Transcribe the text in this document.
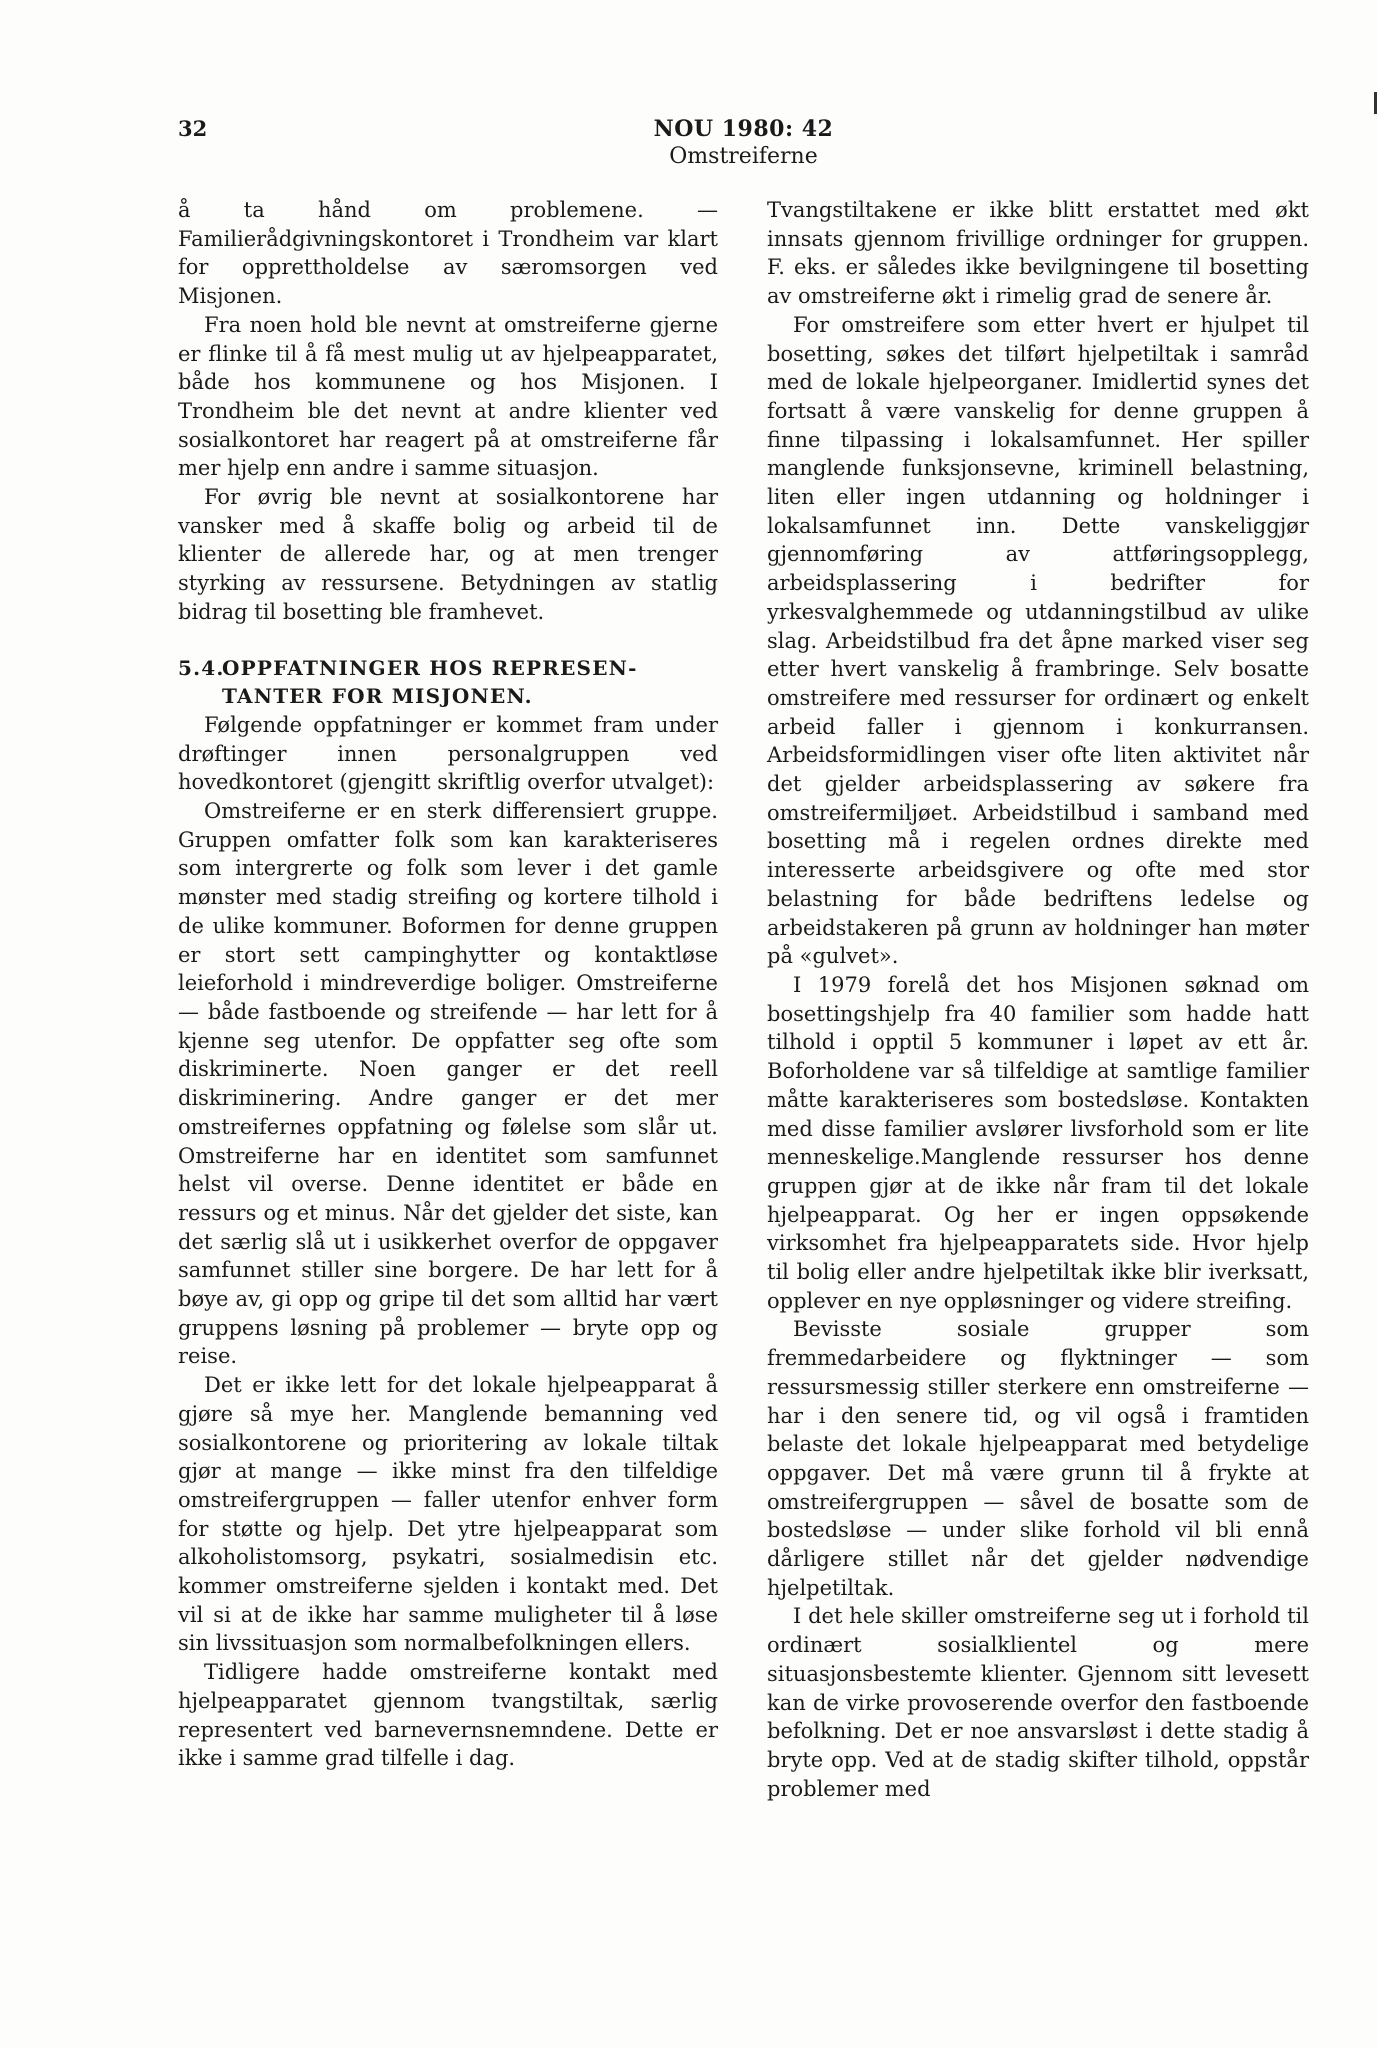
32	NOU 1980: 42
Omstreiferne

å ta hånd om problemene. — Familierådgivningskontoret i Trondheim var klart for opprettholdelse av særomsorgen ved Misjonen.

Fra noen hold ble nevnt at omstreiferne gjerne er flinke til å få mest mulig ut av hjelpeapparatet, både hos kommunene og hos Misjonen. I Trondheim ble det nevnt at andre klienter ved sosialkontoret har reagert på at omstreiferne får mer hjelp enn andre i samme situasjon.

For øvrig ble nevnt at sosialkontorene har vansker med å skaffe bolig og arbeid til de klienter de allerede har, og at men trenger styrking av ressursene. Betydningen av statlig bidrag til bosetting ble framhevet.

5.4.OPPFATNINGER HOS REPRESEN-
TANTER FOR MISJONEN.

Følgende oppfatninger er kommet fram under drøftinger innen personalgruppen ved hovedkontoret (gjengitt skriftlig overfor utvalget):

Omstreiferne er en sterk differensiert gruppe. Gruppen omfatter folk som kan karakteriseres som intergrerte og folk som lever i det gamle mønster med stadig streifing og kortere tilhold i de ulike kommuner. Boformen for denne gruppen er stort sett campinghytter og kontaktløse leieforhold i mindreverdige boliger. Omstreiferne — både fastboende og streifende — har lett for å kjenne seg utenfor. De oppfatter seg ofte som diskriminerte. Noen ganger er det reell diskriminering. Andre ganger er det mer omstreifernes oppfatning og følelse som slår ut. Omstreiferne har en identitet som samfunnet helst vil overse. Denne identitet er både en ressurs og et minus. Når det gjelder det siste, kan det særlig slå ut i usikkerhet overfor de oppgaver samfunnet stiller sine borgere. De har lett for å bøye av, gi opp og gripe til det som alltid har vært gruppens løsning på problemer — bryte opp og reise.

Det er ikke lett for det lokale hjelpeapparat å gjøre så mye her. Manglende bemanning ved sosialkontorene og prioritering av lokale tiltak gjør at mange — ikke minst fra den tilfeldige omstreifergruppen — faller utenfor enhver form for støtte og hjelp. Det ytre hjelpeapparat som alkoholistomsorg, psykatri, sosialmedisin etc. kommer omstreiferne sjelden i kontakt med. Det vil si at de ikke har samme muligheter til å løse sin livssituasjon som normalbefolkningen ellers.

Tidligere hadde omstreiferne kontakt med hjelpeapparatet gjennom tvangstiltak, særlig representert ved barnevernsnemndene. Dette er ikke i samme grad tilfelle i dag.

Tvangstiltakene er ikke blitt erstattet med økt innsats gjennom frivillige ordninger for gruppen. F. eks. er således ikke bevilgningene til bosetting av omstreiferne økt i rimelig grad de senere år.

For omstreifere som etter hvert er hjulpet til bosetting, søkes det tilført hjelpetiltak i samråd med de lokale hjelpeorganer. Imidlertid synes det fortsatt å være vanskelig for denne gruppen å finne tilpassing i lokalsamfunnet. Her spiller manglende funksjonsevne, kriminell belastning, liten eller ingen utdanning og holdninger i lokalsamfunnet inn. Dette vanskeliggjør gjennomføring av attføringsopplegg, arbeidsplassering i bedrifter for yrkesvalghemmede og utdanningstilbud av ulike slag. Arbeidstilbud fra det åpne marked viser seg etter hvert vanskelig å frambringe. Selv bosatte omstreifere med ressurser for ordinært og enkelt arbeid faller i gjennom i konkurransen. Arbeidsformidlingen viser ofte liten aktivitet når det gjelder arbeidsplassering av søkere fra omstreifermiljøet. Arbeidstilbud i samband med bosetting må i regelen ordnes direkte med interesserte arbeidsgivere og ofte med stor belastning for både bedriftens ledelse og arbeidstakeren på grunn av holdninger han møter på «gulvet».

I 1979 forelå det hos Misjonen søknad om bosettingshjelp fra 40 familier som hadde hatt tilhold i opptil 5 kommuner i løpet av ett år. Boforholdene var så tilfeldige at samtlige familier måtte karakteriseres som bostedsløse. Kontakten med disse familier avslører livsforhold som er lite menneskelige.Manglende ressurser hos denne gruppen gjør at de ikke når fram til det lokale hjelpeapparat. Og her er ingen oppsøkende virksomhet fra hjelpeapparatets side. Hvor hjelp til bolig eller andre hjelpetiltak ikke blir iverksatt, opplever en nye oppløsninger og videre streifing.

Bevisste sosiale grupper som fremmedarbeidere og flyktninger — som ressursmessig stiller sterkere enn omstreiferne — har i den senere tid, og vil også i framtiden belaste det lokale hjelpeapparat med betydelige oppgaver. Det må være grunn til å frykte at omstreifergruppen — såvel de bosatte som de bostedsløse — under slike forhold vil bli ennå dårligere stillet når det gjelder nødvendige hjelpetiltak.

I det hele skiller omstreiferne seg ut i forhold til ordinært sosialklientel og mere situasjonsbestemte klienter. Gjennom sitt levesett kan de virke provoserende overfor den fastboende befolkning. Det er noe ansvarsløst i dette stadig å bryte opp. Ved at de stadig skifter tilhold, oppstår problemer med
